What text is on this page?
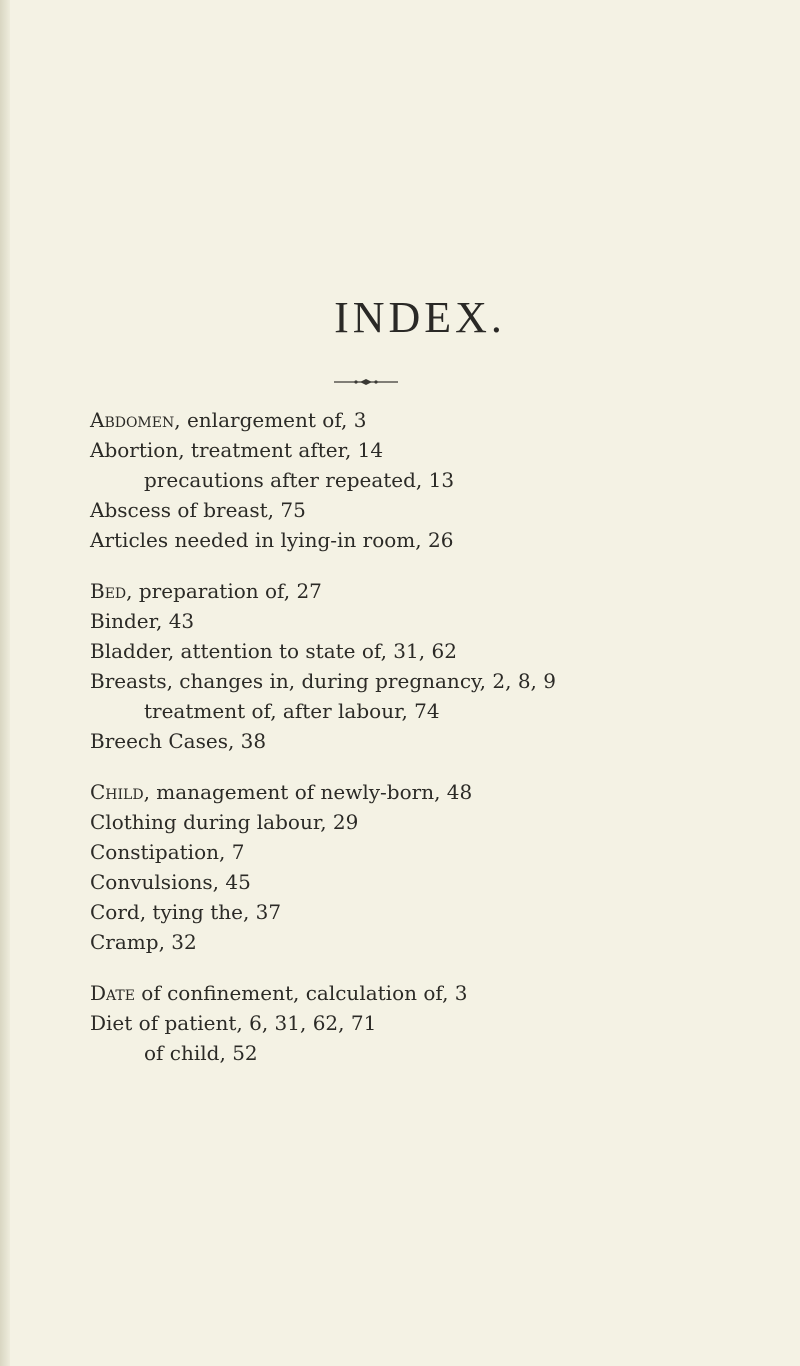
INDEX.
Abdomen, enlargement of, 3
Abortion, treatment after, 14
precautions after repeated, 13
Abscess of breast, 75
Articles needed in lying-in room, 26
Bed, preparation of, 27
Binder, 43
Bladder, attention to state of, 31, 62
Breasts, changes in, during pregnancy, 2, 8, 9
treatment of, after labour, 74
Breech Cases, 38
Child, management of newly-born, 48
Clothing during labour, 29
Constipation, 7
Convulsions, 45
Cord, tying the, 37
Cramp, 32
Date of confinement, calculation of, 3
Diet of patient, 6, 31, 62, 71
of child, 52
